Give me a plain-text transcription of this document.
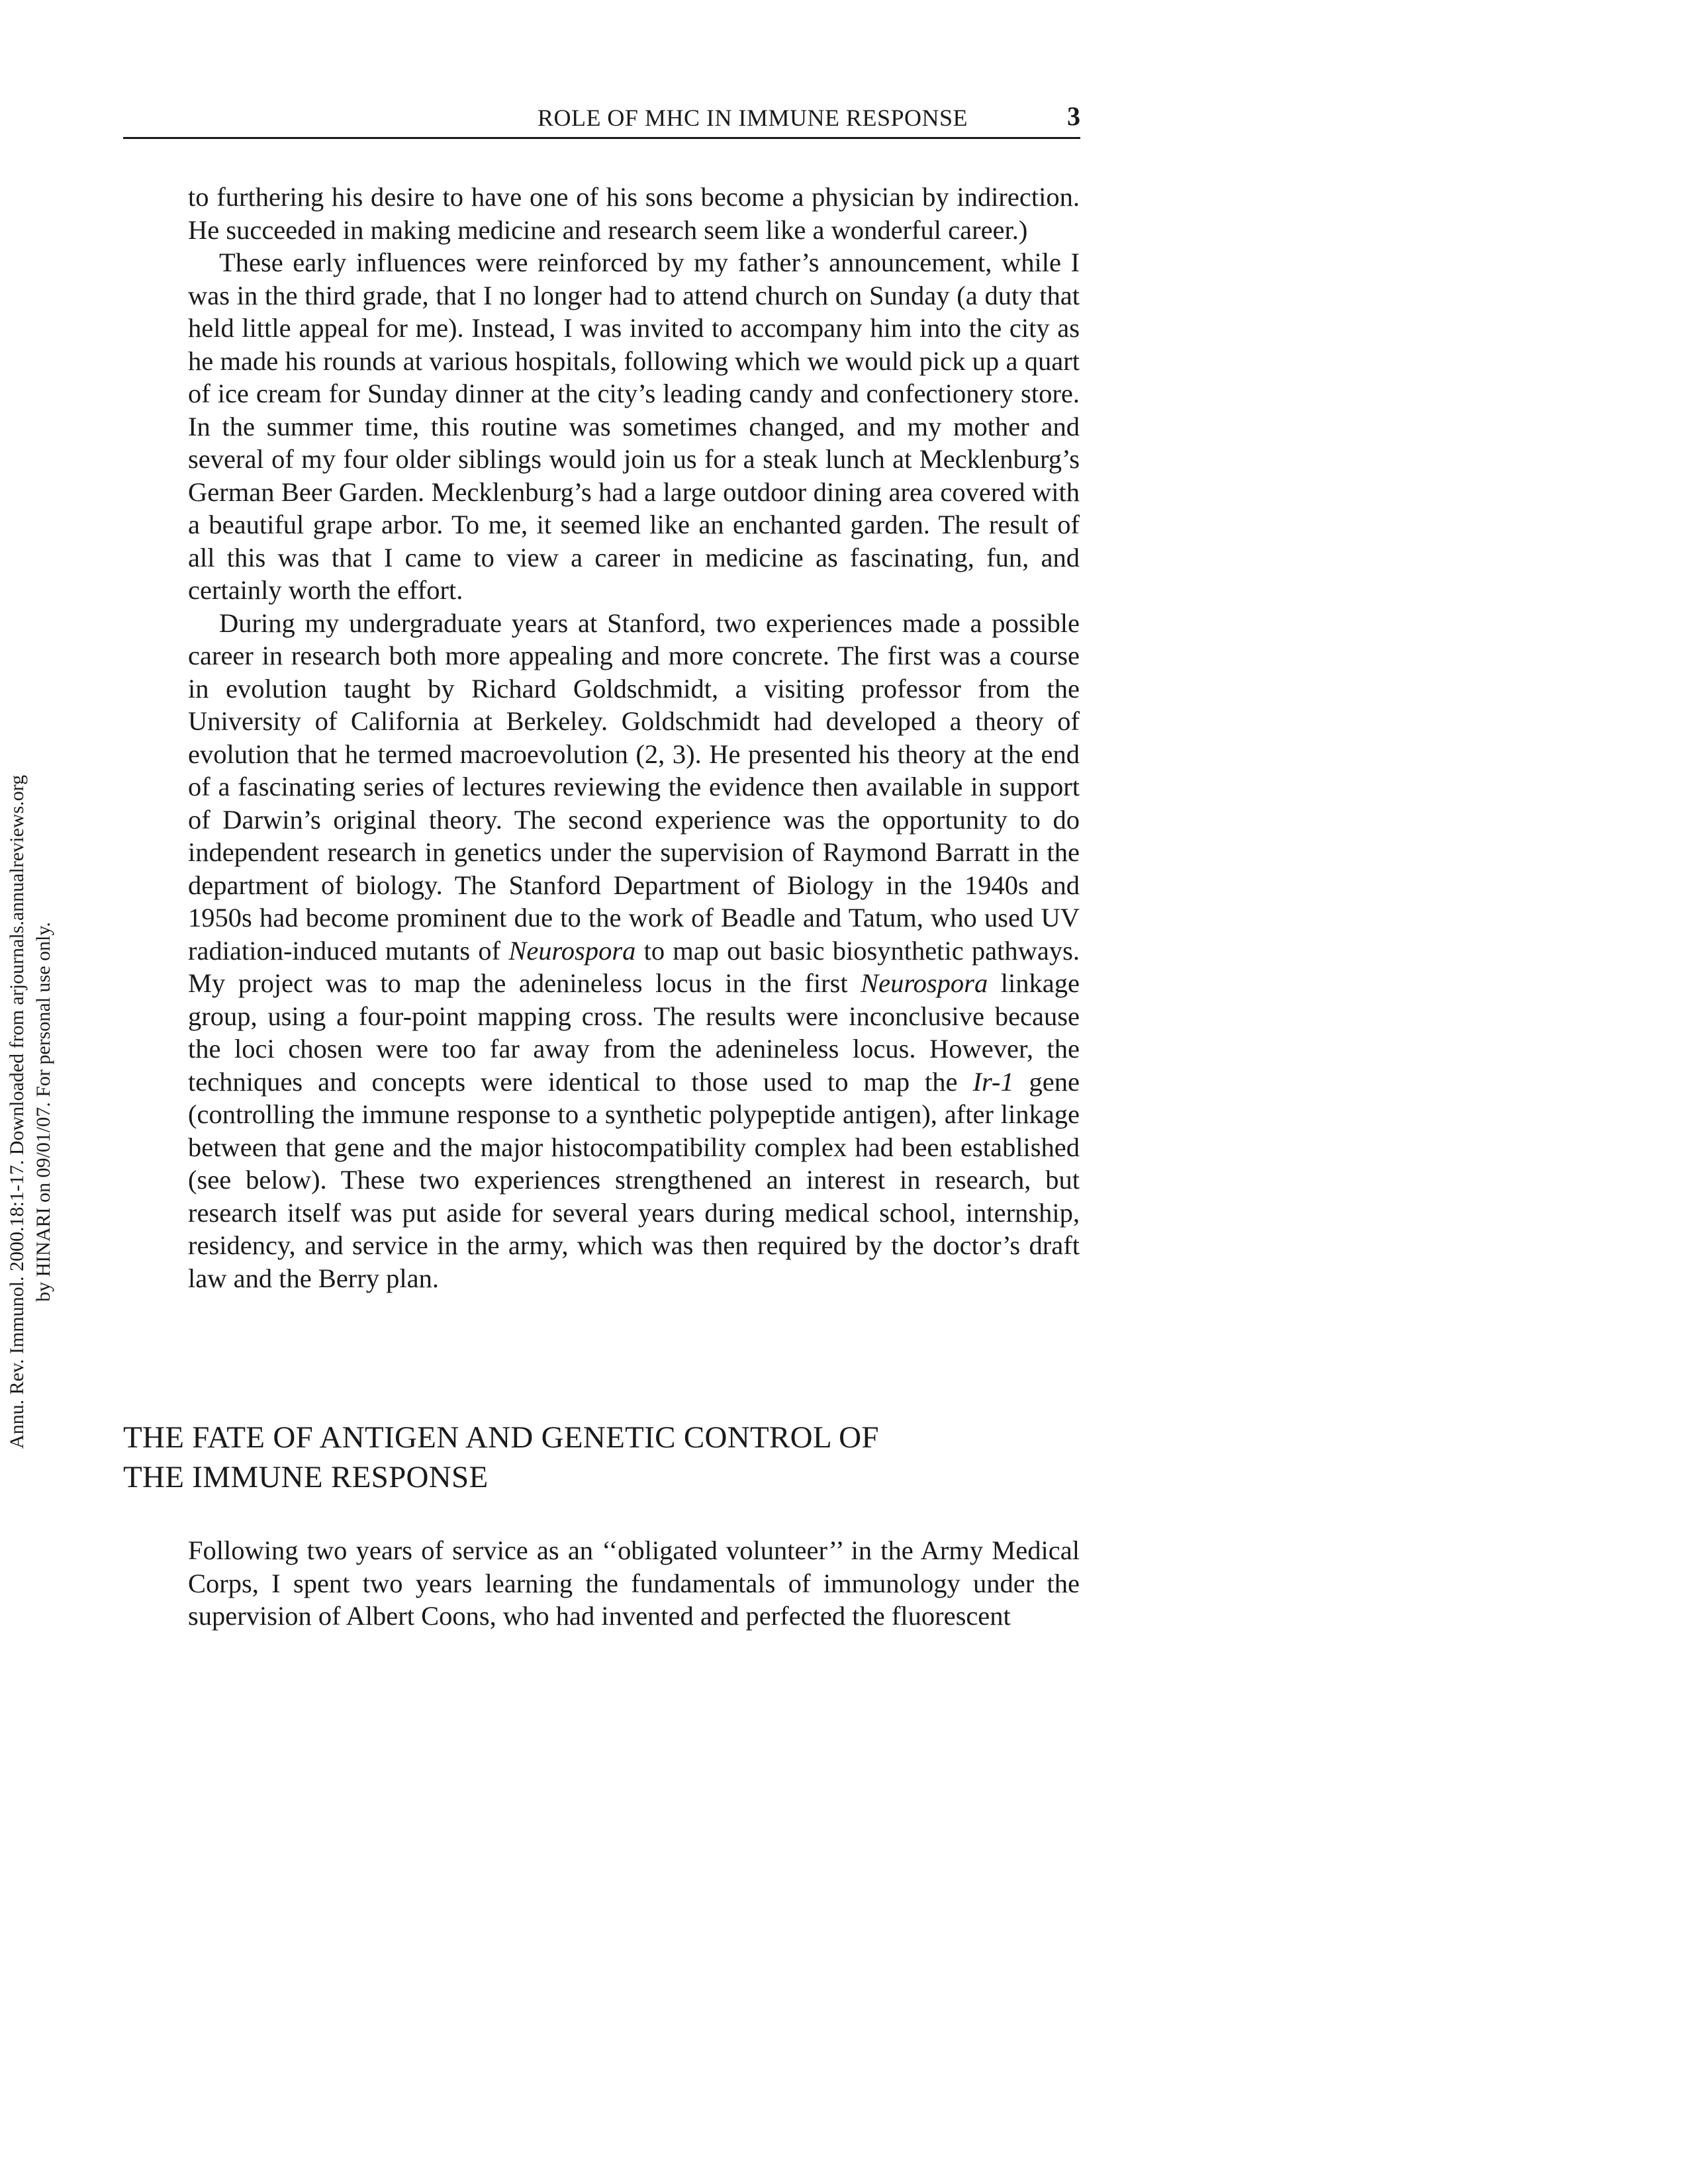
ROLE OF MHC IN IMMUNE RESPONSE	3
Annu. Rev. Immunol. 2000.18:1-17. Downloaded from arjournals.annualreviews.org by HINARI on 09/01/07. For personal use only.

to furthering his desire to have one of his sons become a physician by indirection. He succeeded in making medicine and research seem like a wonderful career.)

These early influences were reinforced by my father’s announcement, while I was in the third grade, that I no longer had to attend church on Sunday (a duty that held little appeal for me). Instead, I was invited to accompany him into the city as he made his rounds at various hospitals, following which we would pick up a quart of ice cream for Sunday dinner at the city’s leading candy and confectionery store. In the summer time, this routine was sometimes changed, and my mother and several of my four older siblings would join us for a steak lunch at Mecklenburg’s German Beer Garden. Mecklenburg’s had a large outdoor dining area covered with a beautiful grape arbor. To me, it seemed like an enchanted garden. The result of all this was that I came to view a career in medicine as fascinating, fun, and certainly worth the effort.

During my undergraduate years at Stanford, two experiences made a possible career in research both more appealing and more concrete. The first was a course in evolution taught by Richard Goldschmidt, a visiting professor from the University of California at Berkeley. Goldschmidt had developed a theory of evolution that he termed macroevolution (2, 3). He presented his theory at the end of a fascinating series of lectures reviewing the evidence then available in support of Darwin’s original theory. The second experience was the opportunity to do independent research in genetics under the supervision of Raymond Barratt in the department of biology. The Stanford Department of Biology in the 1940s and 1950s had become prominent due to the work of Beadle and Tatum, who used UV radiation-induced mutants of Neurospora to map out basic biosynthetic pathways. My project was to map the adenineless locus in the first Neurospora linkage group, using a four-point mapping cross. The results were inconclusive because the loci chosen were too far away from the adenineless locus. However, the techniques and concepts were identical to those used to map the Ir-1 gene (controlling the immune response to a synthetic polypeptide antigen), after linkage between that gene and the major histocompatibility complex had been established (see below). These two experiences strengthened an interest in research, but research itself was put aside for several years during medical school, internship, residency, and service in the army, which was then required by the doctor’s draft law and the Berry plan.

THE FATE OF ANTIGEN AND GENETIC CONTROL OF
THE IMMUNE RESPONSE

Following two years of service as an ‘‘obligated volunteer’’ in the Army Medical Corps, I spent two years learning the fundamentals of immunology under the supervision of Albert Coons, who had invented and perfected the fluorescent
